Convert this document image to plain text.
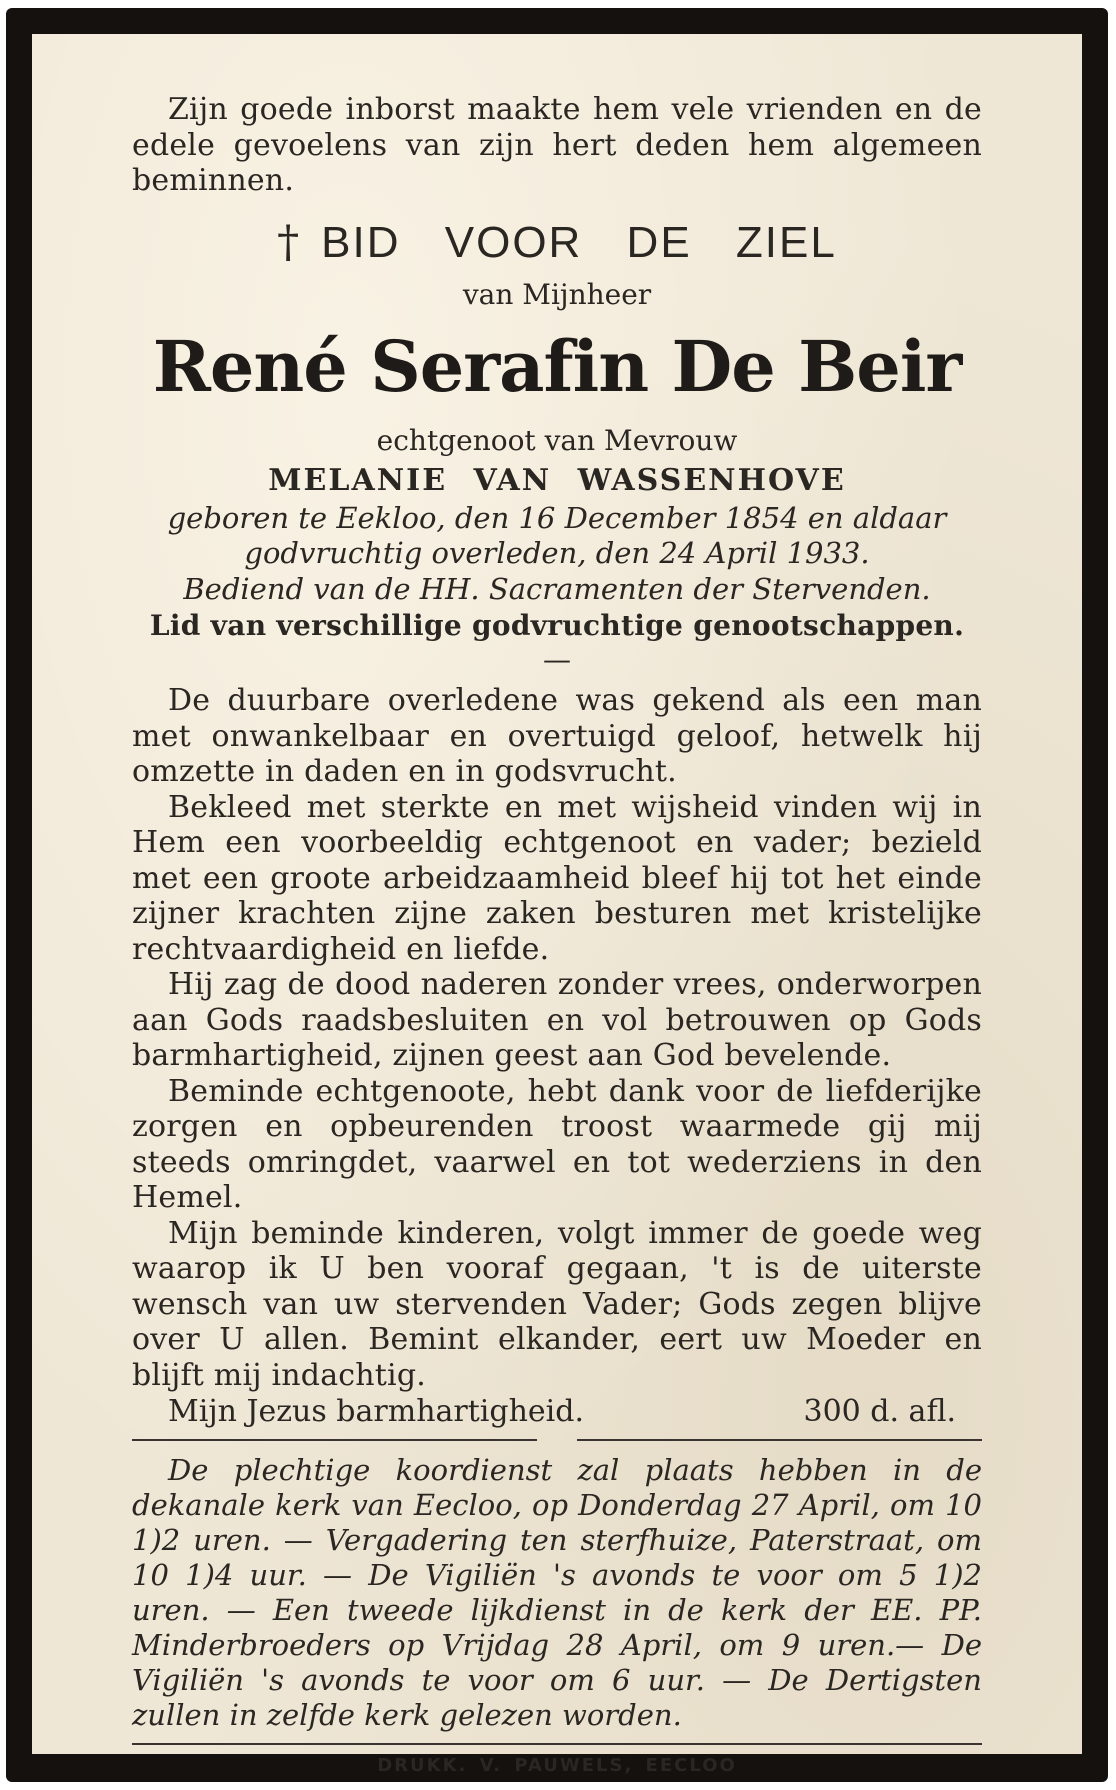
Zijn goede inborst maakte hem vele vrienden en de edele gevoelens van zijn hert deden hem algemeen beminnen.
† BID VOOR DE ZIEL
van Mijnheer
René Serafin De Beir
echtgenoot van Mevrouw
MELANIE VAN WASSENHOVE
geboren te Eekloo, den 16 December 1854 en aldaar godvruchtig overleden, den 24 April 1933.
Bediend van de HH. Sacramenten der Stervenden.
Lid van verschillige godvruchtige genootschappen.
—
De duurbare overledene was gekend als een man met onwankelbaar en overtuigd geloof, hetwelk hij omzette in daden en in godsvrucht.
Bekleed met sterkte en met wijsheid vinden wij in Hem een voorbeeldig echtgenoot en vader; bezield met een groote arbeidzaamheid bleef hij tot het einde zijner krachten zijne zaken besturen met kristelijke rechtvaardigheid en liefde.
Hij zag de dood naderen zonder vrees, onderworpen aan Gods raadsbesluiten en vol betrouwen op Gods barmhartigheid, zijnen geest aan God bevelende.
Beminde echtgenoote, hebt dank voor de liefderijke zorgen en opbeurenden troost waarmede gij mij steeds omringdet, vaarwel en tot wederziens in den Hemel.
Mijn beminde kinderen, volgt immer de goede weg waarop ik U ben vooraf gegaan, 't is de uiterste wensch van uw stervenden Vader; Gods zegen blijve over U allen. Bemint elkander, eert uw Moeder en blijft mij indachtig.
Mijn Jezus barmhartigheid.	300 d. afl.
De plechtige koordienst zal plaats hebben in de dekanale kerk van Eecloo, op Donderdag 27 April, om 10 1)2 uren. — Vergadering ten sterfhuize, Paterstraat, om 10 1)4 uur. — De Vigiliën 's avonds te voor om 5 1)2 uren. — Een tweede lijkdienst in de kerk der EE. PP. Minderbroeders op Vrijdag 28 April, om 9 uren.— De Vigiliën 's avonds te voor om 6 uur. — De Dertigsten zullen in zelfde kerk gelezen worden.
DRUKK. V. PAUWELS, EECLOO
